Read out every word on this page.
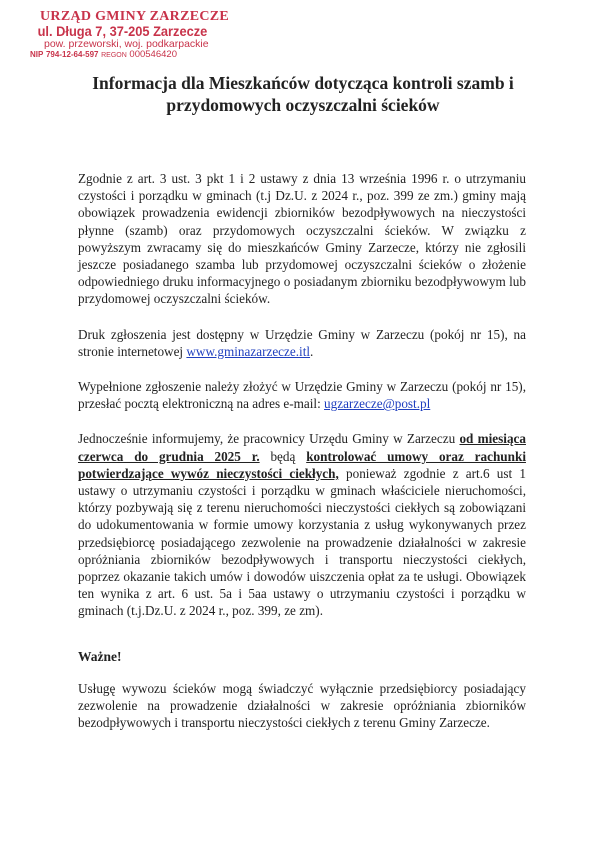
URZĄD GMINY ZARZECZE
ul. Długa 7, 37-205 Zarzecze
pow. przeworski, woj. podkarpackie
NIP 794-12-64-597 REGON 000546420
Informacja dla Mieszkańców dotycząca kontroli szamb i przydomowych oczyszczalni ścieków

Zgodnie z art. 3 ust. 3 pkt 1 i 2 ustawy z dnia 13 września 1996 r. o utrzymaniu czystości i porządku w gminach (t.j Dz.U. z 2024 r., poz. 399 ze zm.) gminy mają obowiązek prowadzenia ewidencji zbiorników bezodpływowych na nieczystości płynne (szamb) oraz przydomowych oczyszczalni ścieków. W związku z powyższym zwracamy się do mieszkańców Gminy Zarzecze, którzy nie zgłosili jeszcze posiadanego szamba lub przydomowej oczyszczalni ścieków o złożenie odpowiedniego druku informacyjnego o posiadanym zbiorniku bezodpływowym lub przydomowej oczyszczalni ścieków.

Druk zgłoszenia jest dostępny w Urzędzie Gminy w Zarzeczu (pokój nr 15), na stronie internetowej www.gminazarzecze.itl.

Wypełnione zgłoszenie należy złożyć w Urzędzie Gminy w Zarzeczu (pokój nr 15), przesłać pocztą elektroniczną na adres e-mail: ugzarzecze@post.pl

Jednocześnie informujemy, że pracownicy Urzędu Gminy w Zarzeczu od miesiąca czerwca do grudnia 2025 r. będą kontrolować umowy oraz rachunki potwierdzające wywóz nieczystości ciekłych, ponieważ zgodnie z art.6 ust 1 ustawy o utrzymaniu czystości i porządku w gminach właściciele nieruchomości, którzy pozbywają się z terenu nieruchomości nieczystości ciekłych są zobowiązani do udokumentowania w formie umowy korzystania z usług wykonywanych przez przedsiębiorcę posiadającego zezwolenie na prowadzenie działalności w zakresie opróżniania zbiorników bezodpływowych i transportu nieczystości ciekłych, poprzez okazanie takich umów i dowodów uiszczenia opłat za te usługi. Obowiązek ten wynika z art. 6 ust. 5a i 5aa ustawy o utrzymaniu czystości i porządku w gminach (t.j.Dz.U. z 2024 r., poz. 399, ze zm).

Ważne!

Usługę wywozu ścieków mogą świadczyć wyłącznie przedsiębiorcy posiadający zezwolenie na prowadzenie działalności w zakresie opróżniania zbiorników bezodpływowych i transportu nieczystości ciekłych z terenu Gminy Zarzecze.
